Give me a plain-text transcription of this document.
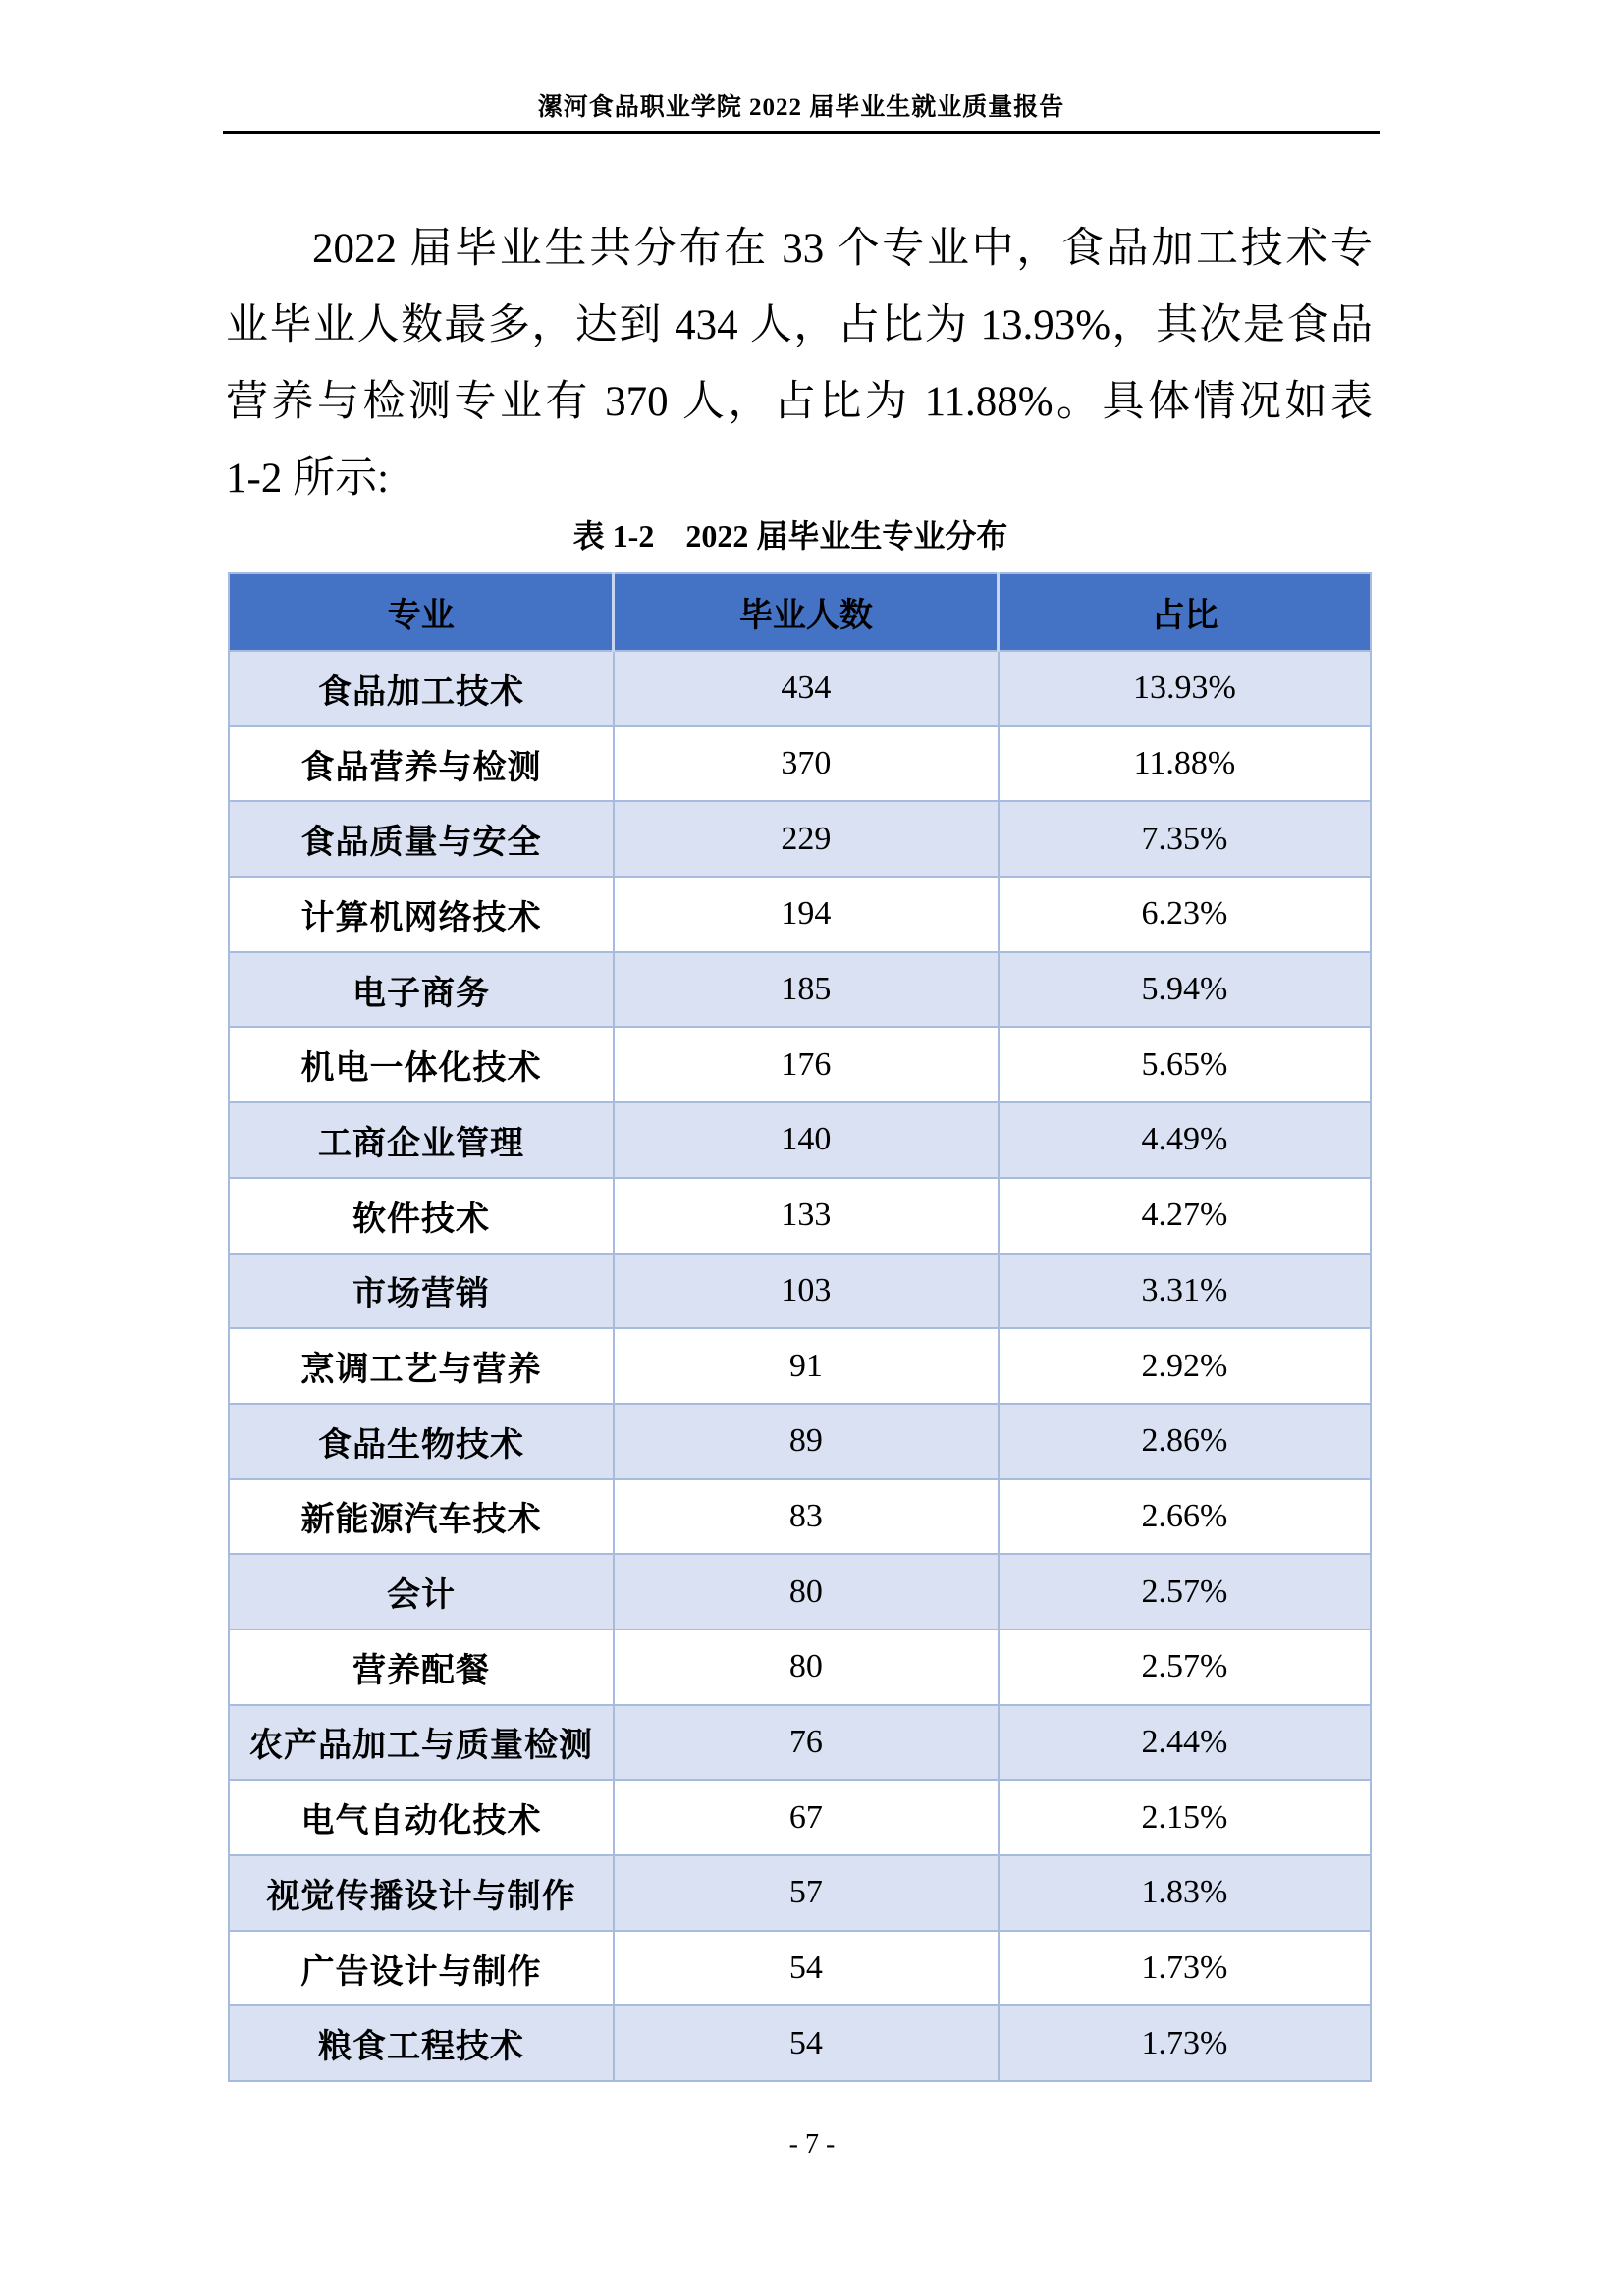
漯河食品职业学院 2022 届毕业生就业质量报告
2022 届毕业生共分布在 33 个专业中，食品加工技术专
业毕业人数最多，达到 434 人，占比为 13.93%，其次是食品
营养与检测专业有 370 人，占比为 11.88%。具体情况如表
1-2 所示:
表 1-2　2022 届毕业生专业分布
专业	毕业人数	占比
食品加工技术	434	13.93%
食品营养与检测	370	11.88%
食品质量与安全	229	7.35%
计算机网络技术	194	6.23%
电子商务	185	5.94%
机电一体化技术	176	5.65%
工商企业管理	140	4.49%
软件技术	133	4.27%
市场营销	103	3.31%
烹调工艺与营养	91	2.92%
食品生物技术	89	2.86%
新能源汽车技术	83	2.66%
会计	80	2.57%
营养配餐	80	2.57%
农产品加工与质量检测	76	2.44%
电气自动化技术	67	2.15%
视觉传播设计与制作	57	1.83%
广告设计与制作	54	1.73%
粮食工程技术	54	1.73%
- 7 -
